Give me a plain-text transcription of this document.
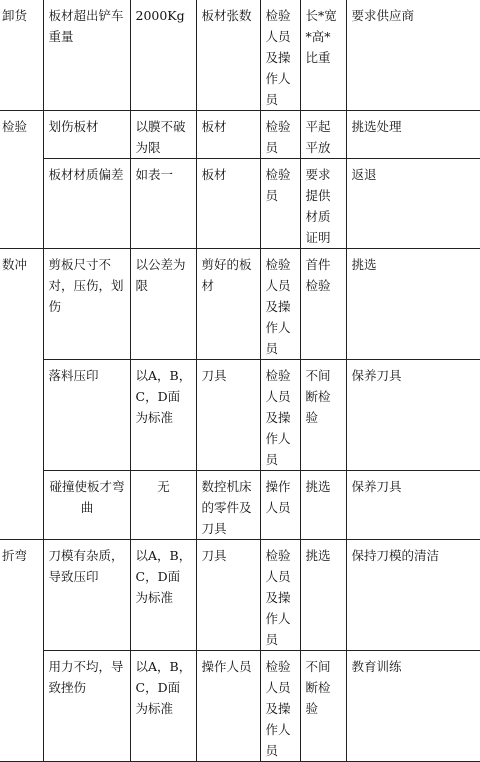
卸货	板材超出铲车重量	2000Kg	板材张数	检验人员及操作人员	长*宽*高*比重	要求供应商

检验	划伤板材	以膜不破为限	板材	检验员	平起平放	挑选处理

	板材材质偏差	如表一	板材	检验员	要求提供材质证明	返退

数冲	剪板尺寸不对，压伤，划伤	以公差为限	剪好的板材	检验人员及操作人员	首件检验	挑选

	落料压印	以A，B，C，D面为标准	刀具	检验人员及操作人员	不间断检验	保养刀具

	碰撞使板才弯曲	无	数控机床的零件及刀具	操作人员	挑选	保养刀具

折弯	刀模有杂质，导致压印	以A，B，C，D面为标准	刀具	检验人员及操作人员	挑选	保持刀模的清洁

	用力不均，导致挫伤	以A，B，C，D面为标准	操作人员	检验人员及操作人员	不间断检验	教育训练
